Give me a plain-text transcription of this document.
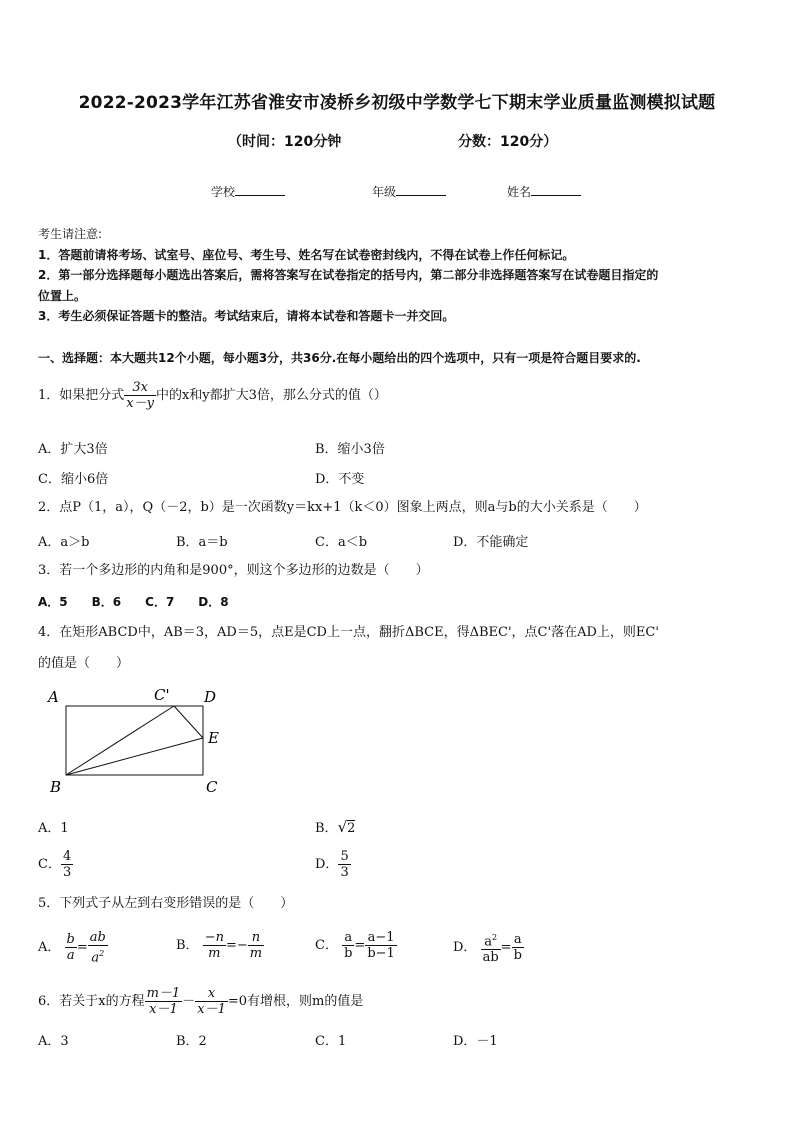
2022-2023学年江苏省淮安市凌桥乡初级中学数学七下期末学业质量监测模拟试题
（时间：120分钟	分数：120分）
学校	年级	姓名
考生请注意:
1．答题前请将考场、试室号、座位号、考生号、姓名写在试卷密封线内，不得在试卷上作任何标记。
2．第一部分选择题每小题选出答案后，需将答案写在试卷指定的括号内，第二部分非选择题答案写在试卷题目指定的
位置上。
3．考生必须保证答题卡的整洁。考试结束后，请将本试卷和答题卡一并交回。
一、选择题：本大题共12个小题，每小题3分，共36分.在每小题给出的四个选项中，只有一项是符合题目要求的.
1．如果把分式 $\frac{3x}{x-y}$ 中的x和y都扩大3倍，那么分式的值（）
A．扩大3倍	B．缩小3倍
C．缩小6倍	D．不变
2．点P（1，a），Q（－2，b）是一次函数y＝kx+1（k＜0）图象上两点，则a与b的大小关系是（　　）
A．a＞b	B．a＝b	C．a＜b	D．不能确定
3．若一个多边形的内角和是900°，则这个多边形的边数是（　　）
A．5　　B．6　　C．7　　D．8
4．在矩形ABCD中，AB＝3，AD＝5，点E是CD上一点，翻折ΔBCE，得ΔBEC'，点C'落在AD上，则EC'
的值是（　　）
A	C' D
E
B	C
A．1	B．√2
C． $\frac{4}{3}$	D． $\frac{5}{3}$
5．下列式子从左到右变形错误的是（　　）
A． $\frac{b}{a} = \frac{ab}{a^2}$	B． $\frac{-n}{m} =- \frac{n}{m}$	C． $\frac{a}{b} = \frac{a-1}{b-1}$	D． $\frac{a^2}{ab} = \frac{a}{b}$
6．若关于x的方程 $\frac{m-1}{x-1} - \frac{x}{x-1} =0$有增根，则m的值是
A．3	B．2	C．1	D．－1
